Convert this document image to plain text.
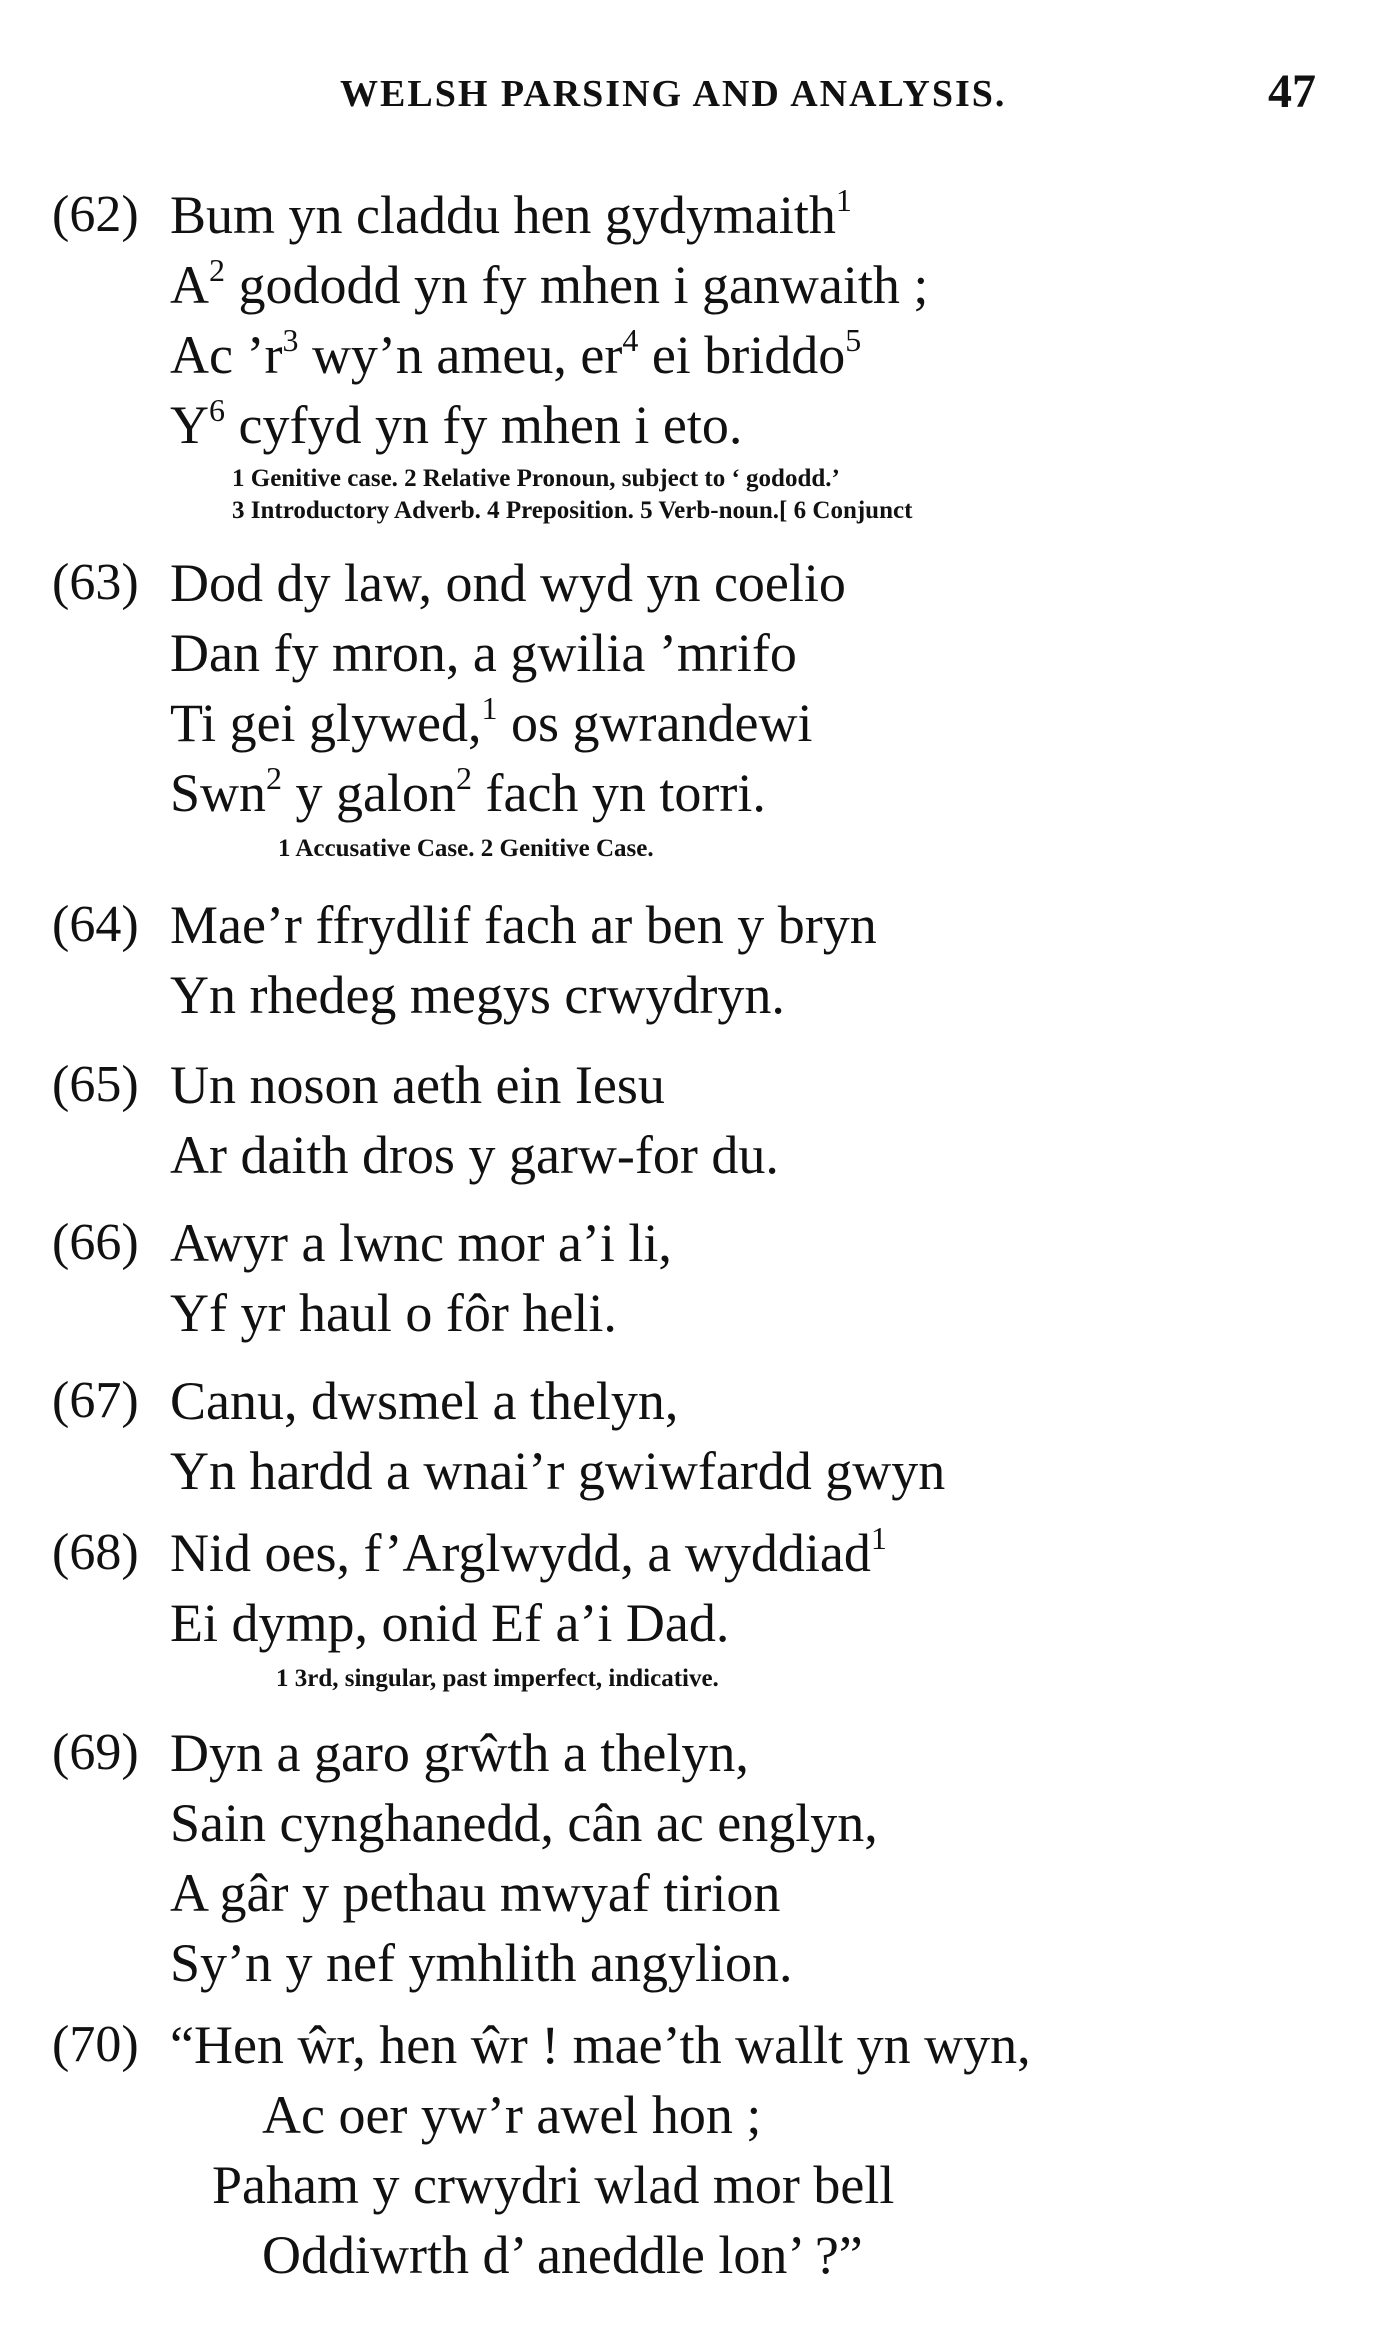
WELSH PARSING AND ANALYSIS.	47
(62) Bum yn claddu hen gydymaith$^1$
$A^2$ gododd yn fy mhen i ganwaith ;
Ac $’r^3$ wy’n ameu, $er^4$ ei briddo$^5$
$Y^6$ cyfyd yn fy mhen i eto.
1 Genitive case. 2 Relative Pronoun, subject to ‘ gododd.’
3 Introductory Adverb. 4 Preposition. 5 Verb-noun.[ 6 Conjunct
(63) Dod dy law, ond wyd yn coelio
Dan fy mron, a gwilia ’mrifo
Ti gei glywed,$^1$ os gwrandewi
Swn$^2$ y galon$^2$ fach yn torri.
1 Accusative Case. 2 Genitive Case.
(64) Mae’r ffrydlif fach ar ben y bryn
Yn rhedeg megys crwydryn.
(65) Un noson aeth ein Iesu
Ar daith dros y garw-for du.
(66) Awyr a lwnc mor a’i li,
Yf yr haul o fôr heli.
(67) Canu, dwsmel a thelyn,
Yn hardd a wnai’r gwiwfardd gwyn
(68) Nid oes, f’Arglwydd, a wyddiad$^1$
Ei dymp, onid Ef a’i Dad.
1 3rd, singular, past imperfect, indicative.
(69) Dyn a garo grŵth a thelyn,
Sain cynghanedd, cân ac englyn,
A gâr y pethau mwyaf tirion
Sy’n y nef ymhlith angylion.
(70) “Hen ŵr, hen ŵr ! mae’th wallt yn wyn,
Ac oer yw’r awel hon ;
Paham y crwydri wlad mor bell
Oddiwrth d’ aneddle lon’ ?”
